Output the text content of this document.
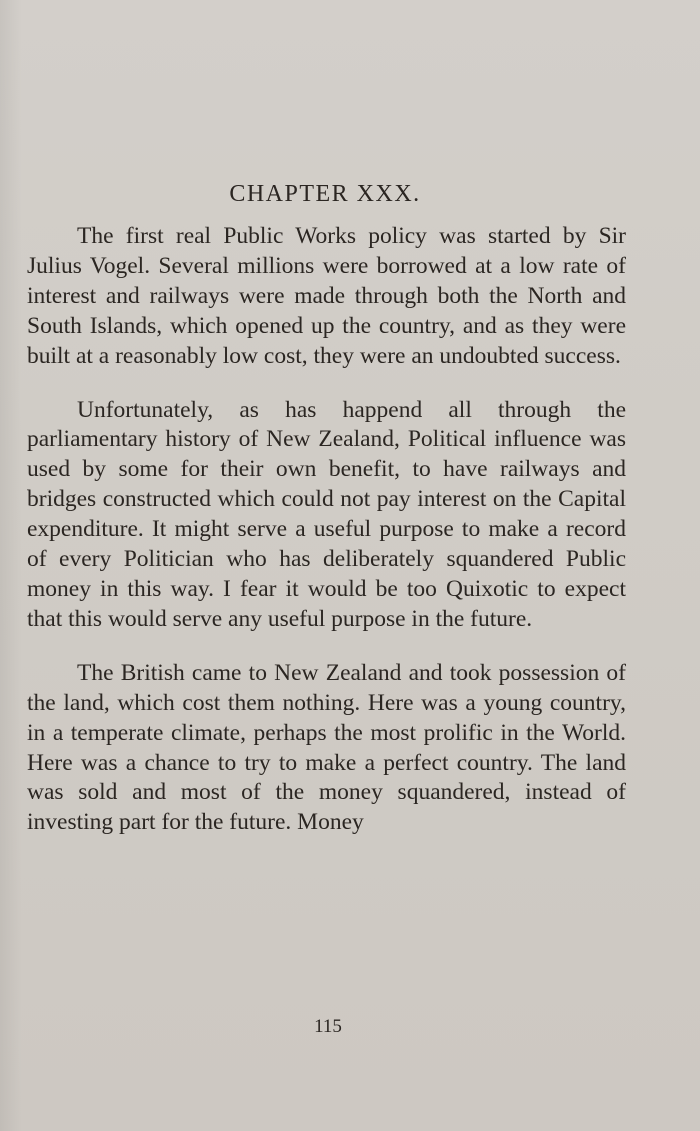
CHAPTER XXX.

The first real Public Works policy was started by Sir Julius Vogel. Several millions were borrowed at a low rate of interest and railways were made through both the North and South Islands, which opened up the country, and as they were built at a reasonably low cost, they were an undoubted success.

Unfortunately, as has happend all through the parliamentary history of New Zealand, Political influence was used by some for their own benefit, to have railways and bridges constructed which could not pay interest on the Capital expenditure. It might serve a useful purpose to make a record of every Politician who has deliberately squandered Public money in this way. I fear it would be too Quixotic to expect that this would serve any useful purpose in the future.

The British came to New Zealand and took possession of the land, which cost them nothing. Here was a young country, in a temperate climate, perhaps the most prolific in the World. Here was a chance to try to make a perfect country. The land was sold and most of the money squandered, instead of investing part for the future. Money

115
